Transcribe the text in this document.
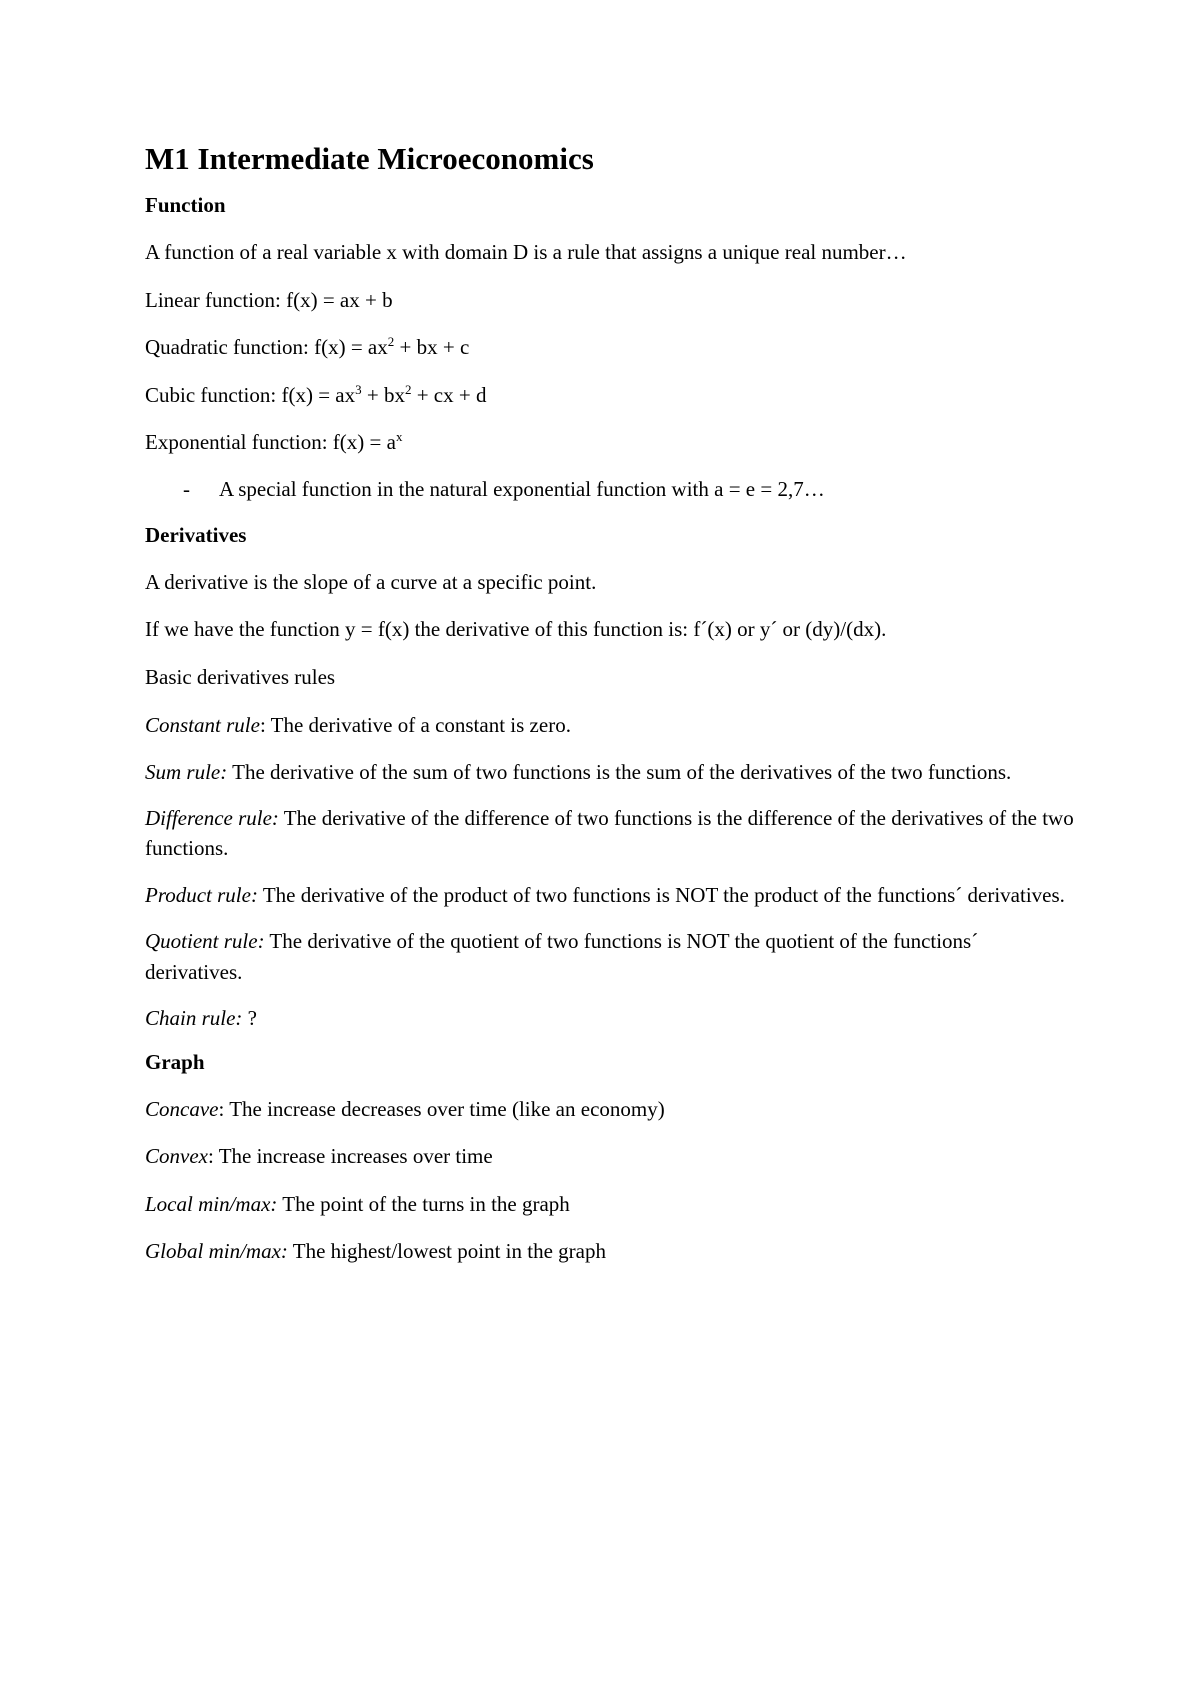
M1 Intermediate Microeconomics
Function

A function of a real variable x with domain D is a rule that assigns a unique real number…

Linear function: f(x) = ax + b

Quadratic function: $f(x) = ax^2$ + bx + c

Cubic function: $f(x) = ax^3 + bx^2$ + cx + d

Exponential function: $f(x) = a^x$

-	A special function in the natural exponential function with a = e = 2,7…
Derivatives

A derivative is the slope of a curve at a specific point.

If we have the function y = f(x) the derivative of this function is: f´(x) or y´ or (dy)/(dx).

Basic derivatives rules

Constant rule: The derivative of a constant is zero.

Sum rule: The derivative of the sum of two functions is the sum of the derivatives of the two functions.

Difference rule: The derivative of the difference of two functions is the difference of the derivatives of the two functions.

Product rule: The derivative of the product of two functions is NOT the product of the functions´ derivatives.

Quotient rule: The derivative of the quotient of two functions is NOT the quotient of the functions´ derivatives.

Chain rule: ?

Graph

Concave: The increase decreases over time (like an economy)

Convex: The increase increases over time

Local min/max: The point of the turns in the graph

Global min/max: The highest/lowest point in the graph
